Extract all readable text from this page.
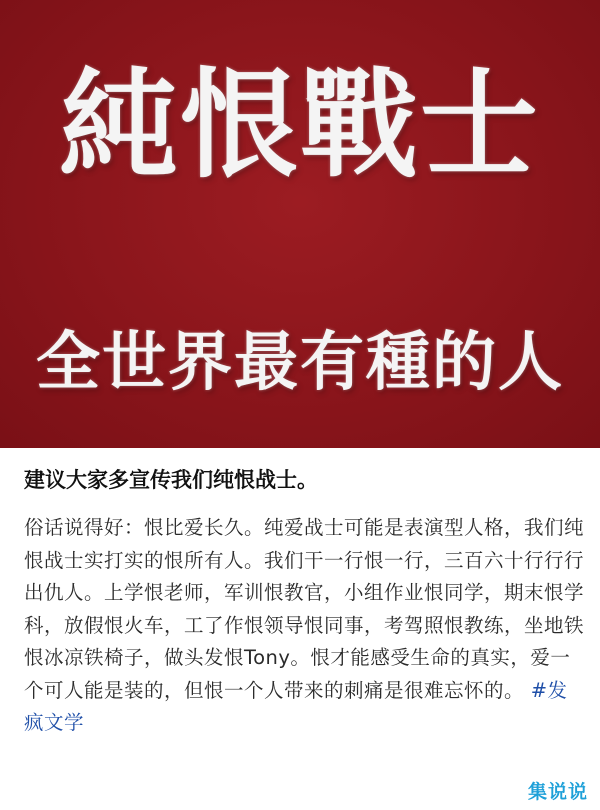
純恨戰士
全世界最有種的人
建议大家多宣传我们纯恨战士。
俗话说得好：恨比爱长久。纯爱战士可能是表演型人格，我们纯恨战士实打实的恨所有人。我们干一行恨一行，三百六十行行行出仇人。上学恨老师，军训恨教官，小组作业恨同学，期末恨学科，放假恨火车，工了作恨领导恨同事，考驾照恨教练，坐地铁恨冰凉铁椅子，做头发恨Tony。恨才能感受生命的真实，爱一个可人能是装的，但恨一个人带来的刺痛是很难忘怀的。 #发疯文学
集说说
